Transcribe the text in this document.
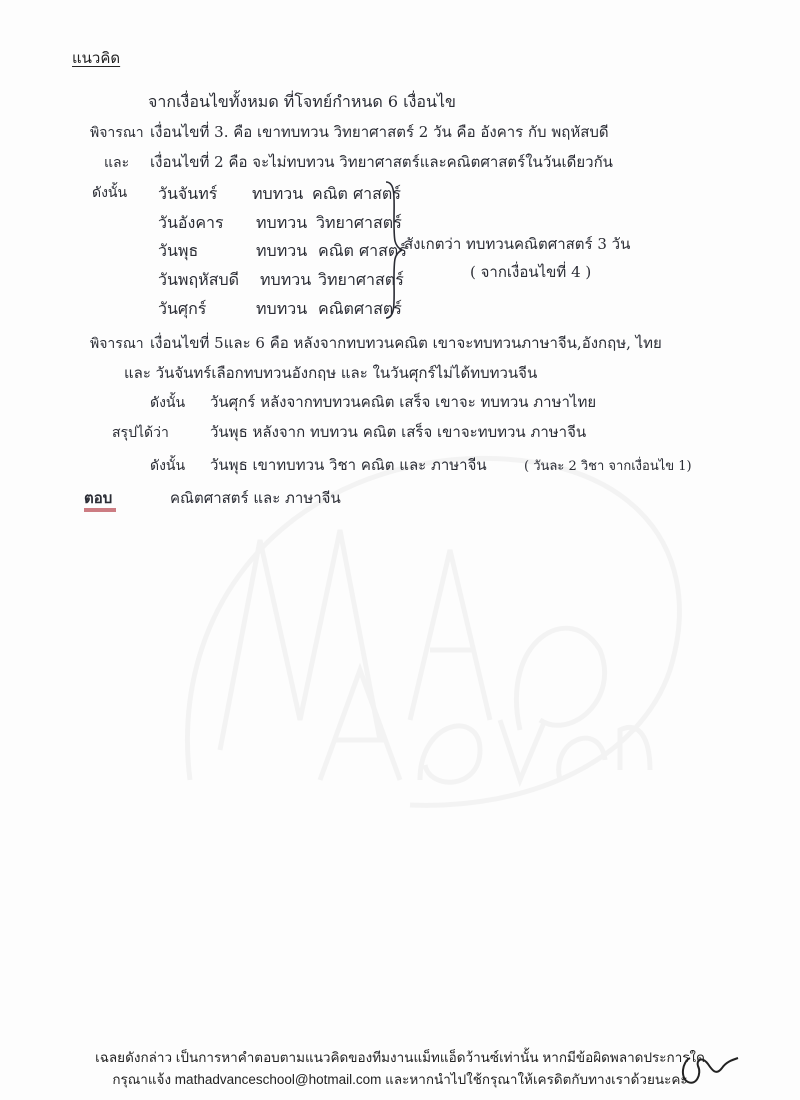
แนวคิด
จากเงื่อนไขทั้งหมด ที่โจทย์กำหนด 6 เงื่อนไข
พิจารณา เงื่อนไขที่ 3. คือ เขาทบทวน วิทยาศาสตร์ 2 วัน คือ อังคาร กับ พฤหัสบดี
และ เงื่อนไขที่ 2 คือ จะไม่ทบทวน วิทยาศาสตร์และคณิตศาสตร์ในวันเดียวกัน
ดังนั้น วันจันทร์ ทบทวน คณิต ศาสตร์
วันอังคาร ทบทวน วิทยาศาสตร์
วันพุธ	ทบทวน คณิต ศาสตร์
วันพฤหัสบดี ทบทวน วิทยาศาสตร์
วันศุกร์	ทบทวน คณิตศาสตร์
สังเกตว่า ทบทวนคณิตศาสตร์ 3 วัน
( จากเงื่อนไขที่ 4 )
พิจารณา เงื่อนไขที่ 5และ 6 คือ หลังจากทบทวนคณิต เขาจะทบทวนภาษาจีน,อังกฤษ, ไทย
และ วันจันทร์เลือกทบทวนอังกฤษ และ ในวันศุกร์ไม่ได้ทบทวนจีน
ดังนั้น วันศุกร์ หลังจากทบทวนคณิต เสร็จ เขาจะ ทบทวน ภาษาไทย
สรุปได้ว่า	วันพุธ หลังจาก ทบทวน คณิต เสร็จ เขาจะทบทวน ภาษาจีน
ดังนั้น วันพุธ เขาทบทวน วิชา คณิต และ ภาษาจีน	( วันละ 2 วิชา จากเงื่อนไข 1)
ตอบ	คณิตศาสตร์ และ ภาษาจีน
เฉลยดังกล่าว เป็นการหาคำตอบตามแนวคิดของทีมงานแม็ทแอ็ดว้านซ์เท่านั้น หากมีข้อผิดพลาดประการใด
กรุณาแจ้ง mathadvanceschool@hotmail.com และหากนำไปใช้กรุณาให้เครดิตกับทางเราด้วยนะคะ
